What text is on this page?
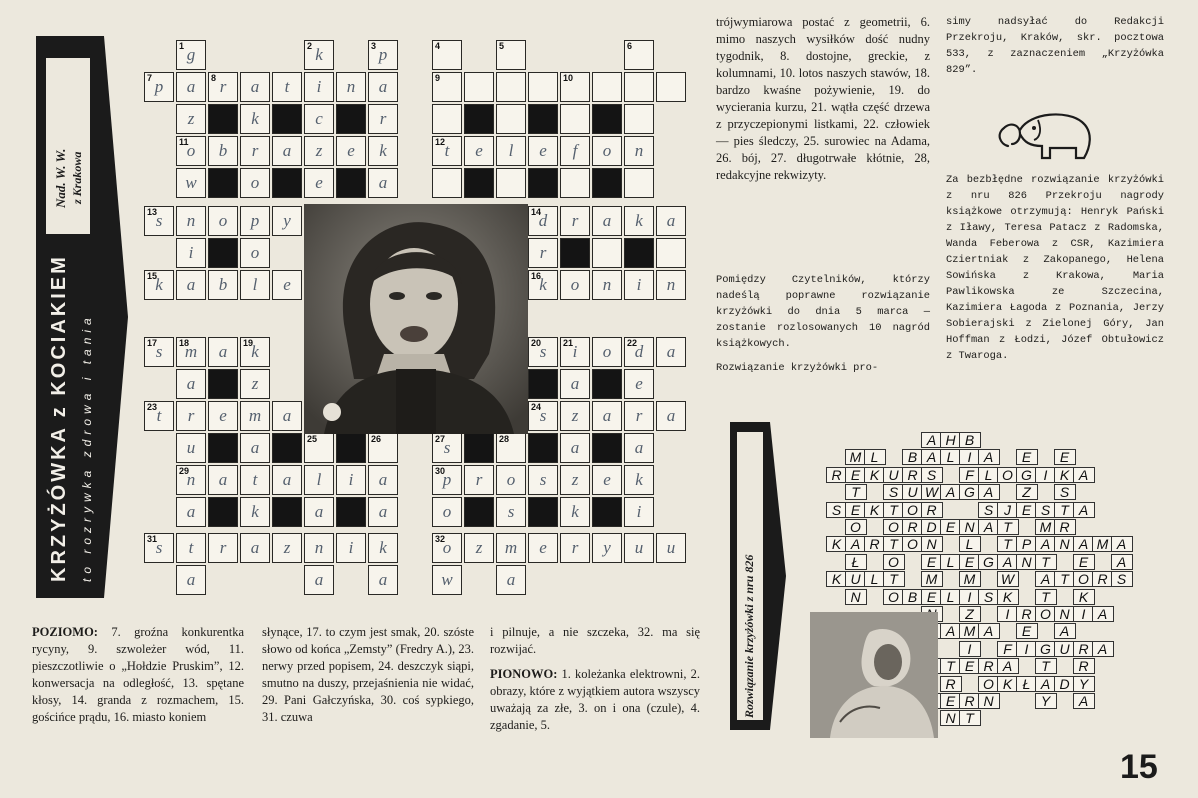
Nad. W. W. z Krakowa
KRZYŻÓWKA z KOCIAKIEM to rozrywka zdrowa i tania
1 g	2 k	3 p	4	5	6
7 p	a	8 r	a	t	i	n	a	9	10
z	k	c	r
11
o	b	r	a	z	e	k	12 t	e	l	e	f	o	n
w	o	e	a
13
s	n	o	p	y	14
d	r	a	k	a
i	o	r
15
k	a	b	l	e	16
k	o	n	i	n
17
s	18
m	a	19
k	20
s	21 i	o	22
d	a
a	z	a	e
23 t	r	e	m	a	24
s	z	a	r	a
u	a	25	26	27
s	28	a	a
29
n	a	t	a	l	i	a	30
p	r	o	s	z	e	k
a	k	a	a	o	s	k	i
31
s	t	r	a	z	n	i	k	32
o	z	m	e	r	y	u	u
a	a	a	w	a

POZIOMO: 7. groźna konkurentka rycyny, 9. szwoleżer wód, 11. pieszczotliwie o „Hołdzie Pruskim”, 12. konwersacja na odległość, 13. spętane kłosy, 14. granda z rozmachem, 15. gościńce prądu, 16. miasto koniem

słynące, 17. to czym jest smak, 20. szóste słowo od końca „Zemsty” (Fredry A.), 23. nerwy przed popisem, 24. deszczyk siąpi, smutno na duszy, przejaśnienia nie widać, 29. Pani Gałczyńska, 30. coś sypkiego, 31. czuwa

i pilnuje, a nie szczeka, 32. ma się rozwijać.

PIONOWO: 1. koleżanka elektrowni, 2. obrazy, które z wyjątkiem autora wszyscy uważają za złe, 3. on i ona (czule), 4. zgadanie, 5.

trójwymiarowa postać z geometrii, 6. mimo naszych wysiłków dość nudny tygodnik, 8. dostojne, greckie, z kolumnami, 10. lotos naszych stawów, 18. bardzo kwaśne pożywienie, 19. do wycierania kurzu, 21. wątła część drzewa z przyczepionymi listkami, 22. człowiek — pies śledczy, 25. surowiec na Adama, 26. bój, 27. długotrwałe kłótnie, 28, redakcyjne rekwizyty.

Pomiędzy Czytelników, którzy nadeślą poprawne rozwiązanie krzyżówki do dnia 5 marca — zostanie rozlosowanych 10 nagród książkowych.

Rozwiązanie krzyżówki pro-

simy nadsyłać do Redakcji Przekroju, Kraków, skr. pocztowa 533, z zaznaczeniem „Krzyżówka 829”.

Za bezbłędne rozwiązanie krzyżówki z nru 826 Przekroju nagrody książkowe otrzymują: Henryk Pański z Iławy, Teresa Patacz z Radomska, Wanda Feberowa z CSR, Kazimiera Cziertniak z Zakopanego, Helena Sowińska z Krakowa, Maria Pawlikowska ze Szczecina, Kazimiera Łagoda z Poznania, Jerzy Sobierajski z Zielonej Góry, Jan Hoffman z Łodzi, Józef Obtułowicz z Twaroga.

Rozwiązanie krzyżówki z nru 826
A H B
M L	B A L I A	E	E
R E K U R S	F L O G I K A
T	S U W A G A	Z	S
S E K T O R	S J E S T A
O O R D E N A T	M R
K A R T O N	L	T P A N A M A
Ł	O	E L E G A N T	E	A
K U L T	M M W	A T O R S
N	O B E L I S K	T	K
Z	I R O N I A
A M A	E	A
I	F I G U R A
T E R A	T	R
R	O K Ł A D Y
E R N	Y	A
N T
15
